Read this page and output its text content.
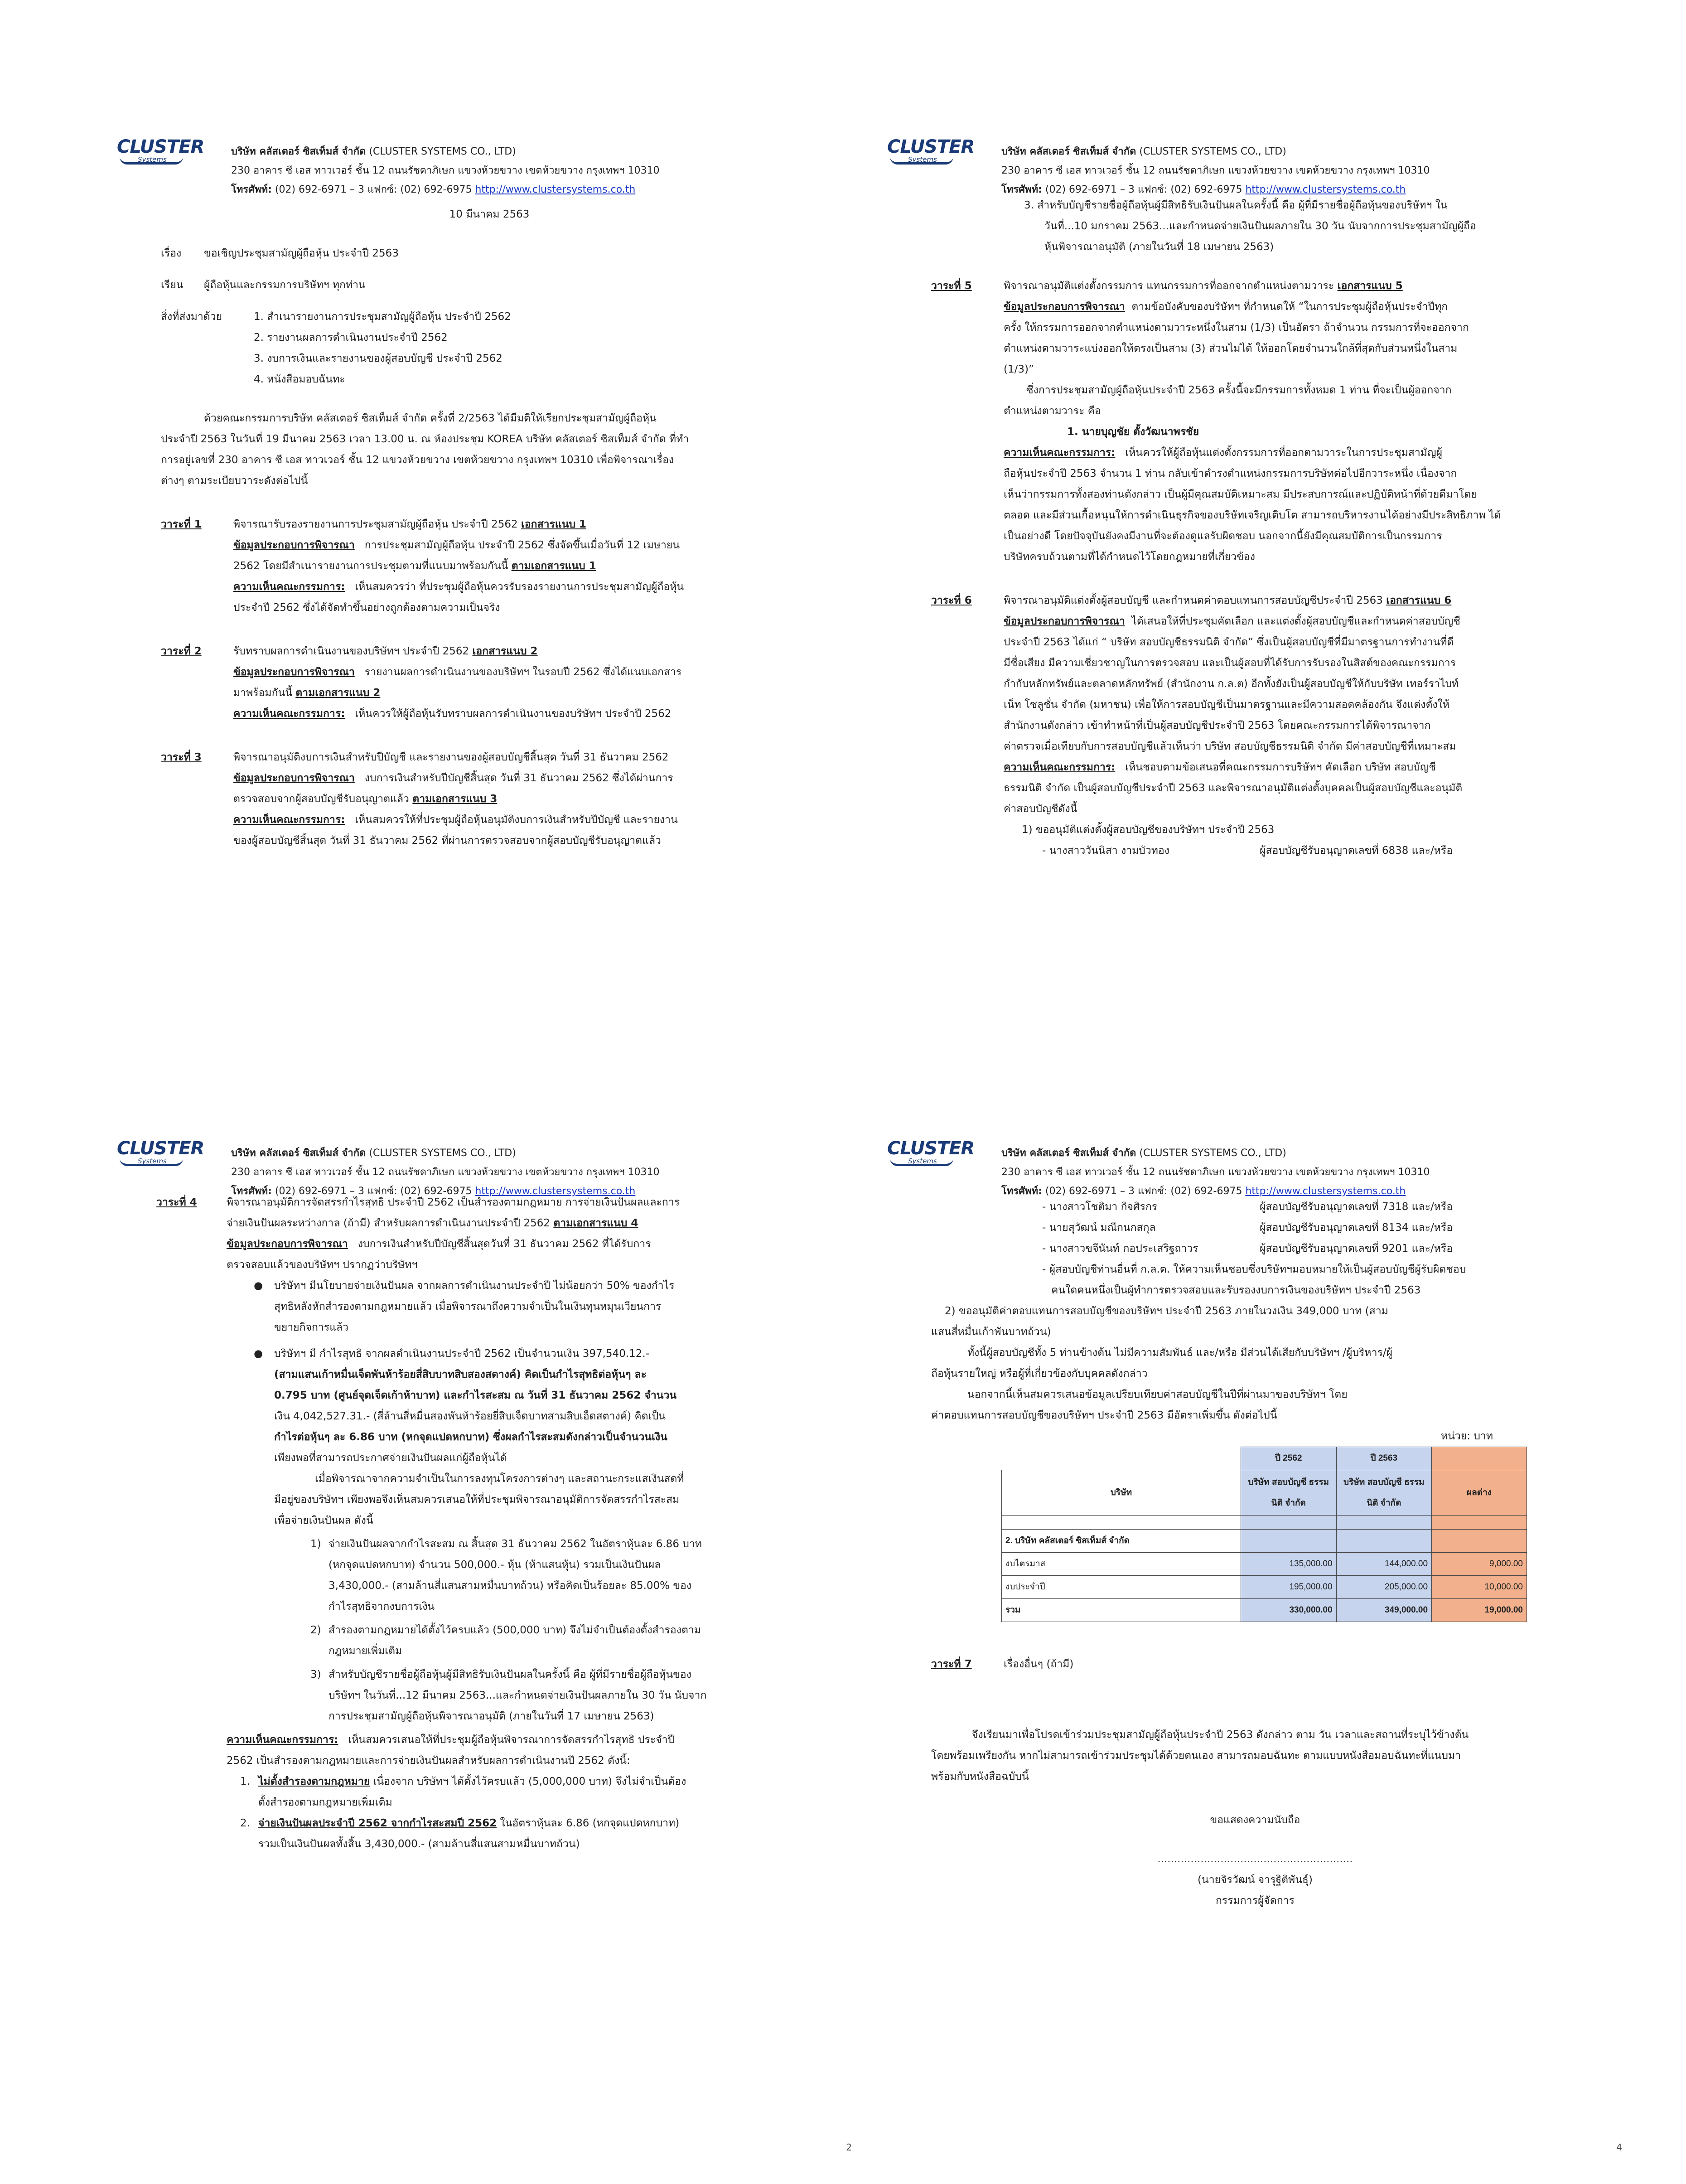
CLUSTER
Systems
บริษัท คลัสเตอร์ ซิสเท็มส์ จำกัด (CLUSTER SYSTEMS CO., LTD)
230 อาคาร ซี เอส ทาวเวอร์ ชั้น 12 ถนนรัชดาภิเษก แขวงห้วยขวาง เขตห้วยขวาง กรุงเทพฯ 10310
โทรศัพท์: (02) 692-6971 – 3 แฟกซ์: (02) 692-6975 http://www.clustersystems.co.th
10 มีนาคม 2563
เรื่อง	ขอเชิญประชุมสามัญผู้ถือหุ้น ประจำปี 2563
เรียน	ผู้ถือหุ้นและกรรมการบริษัทฯ ทุกท่าน
สิ่งที่ส่งมาด้วย	1. สำเนารายงานการประชุมสามัญผู้ถือหุ้น ประจำปี 2562
2. รายงานผลการดำเนินงานประจำปี 2562
3. งบการเงินและรายงานของผู้สอบบัญชี ประจำปี 2562
4. หนังสือมอบฉันทะ
ด้วยคณะกรรมการบริษัท คลัสเตอร์ ซิสเท็มส์ จำกัด ครั้งที่ 2/2563 ได้มีมติให้เรียกประชุมสามัญผู้ถือหุ้น
ประจำปี 2563 ในวันที่ 19 มีนาคม 2563 เวลา 13.00 น. ณ ห้องประชุม KOREA บริษัท คลัสเตอร์ ซิสเท็มส์ จำกัด ที่ทำ
การอยู่เลขที่ 230 อาคาร ซี เอส ทาวเวอร์ ชั้น 12 แขวงห้วยขวาง เขตห้วยขวาง กรุงเทพฯ 10310 เพื่อพิจารณาเรื่อง
ต่างๆ ตามระเบียบวาระดังต่อไปนี้
วาระที่ 1	พิจารณารับรองรายงานการประชุมสามัญผู้ถือหุ้น ประจำปี 2562 เอกสารแนบ 1
ข้อมูลประกอบการพิจารณา การประชุมสามัญผู้ถือหุ้น ประจำปี 2562 ซึ่งจัดขึ้นเมื่อวันที่ 12 เมษายน
2562 โดยมีสำเนารายงานการประชุมตามที่แนบมาพร้อมกันนี้ ตามเอกสารแนบ 1
ความเห็นคณะกรรมการ: เห็นสมควรว่า ที่ประชุมผู้ถือหุ้นควรรับรองรายงานการประชุมสามัญผู้ถือหุ้น
ประจำปี 2562 ซึ่งได้จัดทำขึ้นอย่างถูกต้องตามความเป็นจริง
วาระที่ 2	รับทราบผลการดำเนินงานของบริษัทฯ ประจำปี 2562 เอกสารแนบ 2
ข้อมูลประกอบการพิจารณา รายงานผลการดำเนินงานของบริษัทฯ ในรอบปี 2562 ซึ่งได้แนบเอกสาร
มาพร้อมกันนี้ ตามเอกสารแนบ 2
ความเห็นคณะกรรมการ: เห็นควรให้ผู้ถือหุ้นรับทราบผลการดำเนินงานของบริษัทฯ ประจำปี 2562
วาระที่ 3	พิจารณาอนุมัติงบการเงินสำหรับปีบัญชี และรายงานของผู้สอบบัญชีสิ้นสุด วันที่ 31 ธันวาคม 2562
ข้อมูลประกอบการพิจารณา งบการเงินสำหรับปีบัญชีสิ้นสุด วันที่ 31 ธันวาคม 2562 ซึ่งได้ผ่านการ
ตรวจสอบจากผู้สอบบัญชีรับอนุญาตแล้ว ตามเอกสารแนบ 3
ความเห็นคณะกรรมการ: เห็นสมควรให้ที่ประชุมผู้ถือหุ้นอนุมัติงบการเงินสำหรับปีบัญชี และรายงาน
ของผู้สอบบัญชีสิ้นสุด วันที่ 31 ธันวาคม 2562 ที่ผ่านการตรวจสอบจากผู้สอบบัญชีรับอนุญาตแล้ว
CLUSTER
Systems
บริษัท คลัสเตอร์ ซิสเท็มส์ จำกัด (CLUSTER SYSTEMS CO., LTD)
230 อาคาร ซี เอส ทาวเวอร์ ชั้น 12 ถนนรัชดาภิเษก แขวงห้วยขวาง เขตห้วยขวาง กรุงเทพฯ 10310
โทรศัพท์: (02) 692-6971 – 3 แฟกซ์: (02) 692-6975 http://www.clustersystems.co.th
3. สำหรับบัญชีรายชื่อผู้ถือหุ้นผู้มีสิทธิรับเงินปันผลในครั้งนี้ คือ ผู้ที่มีรายชื่อผู้ถือหุ้นของบริษัทฯ ใน
วันที่...10 มกราคม 2563...และกำหนดจ่ายเงินปันผลภายใน 30 วัน นับจากการประชุมสามัญผู้ถือ
หุ้นพิจารณาอนุมัติ (ภายในวันที่ 18 เมษายน 2563)
วาระที่ 5	พิจารณาอนุมัติแต่งตั้งกรรมการ แทนกรรมการที่ออกจากตำแหน่งตามวาระ เอกสารแนบ 5
ข้อมูลประกอบการพิจารณา ตามข้อบังคับของบริษัทฯ ที่กำหนดให้ “ในการประชุมผู้ถือหุ้นประจำปีทุก
ครั้ง ให้กรรมการออกจากตำแหน่งตามวาระหนึ่งในสาม (1/3) เป็นอัตรา ถ้าจำนวน กรรมการที่จะออกจาก
ตำแหน่งตามวาระแบ่งออกให้ตรงเป็นสาม (3) ส่วนไม่ได้ ให้ออกโดยจำนวนใกล้ที่สุดกับส่วนหนึ่งในสาม
(1/3)”
ซึ่งการประชุมสามัญผู้ถือหุ้นประจำปี 2563 ครั้งนี้จะมีกรรมการทั้งหมด 1 ท่าน ที่จะเป็นผู้ออกจาก
ตำแหน่งตามวาระ คือ
1. นายบุญชัย ตั้งวัฒนาพรชัย
ความเห็นคณะกรรมการ: เห็นควรให้ผู้ถือหุ้นแต่งตั้งกรรมการที่ออกตามวาระในการประชุมสามัญผู้
ถือหุ้นประจำปี 2563 จำนวน 1 ท่าน กลับเข้าดำรงตำแหน่งกรรมการบริษัทต่อไปอีกวาระหนึ่ง เนื่องจาก
เห็นว่ากรรมการทั้งสองท่านดังกล่าว เป็นผู้มีคุณสมบัติเหมาะสม มีประสบการณ์และปฏิบัติหน้าที่ด้วยดีมาโดย
ตลอด และมีส่วนเกื้อหนุนให้การดำเนินธุรกิจของบริษัทเจริญเติบโต สามารถบริหารงานได้อย่างมีประสิทธิภาพ ได้
เป็นอย่างดี โดยปัจจุบันยังคงมีงานที่จะต้องดูแลรับผิดชอบ นอกจากนี้ยังมีคุณสมบัติการเป็นกรรมการ
บริษัทครบถ้วนตามที่ได้กำหนดไว้โดยกฎหมายที่เกี่ยวข้อง
วาระที่ 6	พิจารณาอนุมัติแต่งตั้งผู้สอบบัญชี และกำหนดค่าตอบแทนการสอบบัญชีประจำปี 2563 เอกสารแนบ 6
ข้อมูลประกอบการพิจารณา ได้เสนอให้ที่ประชุมคัดเลือก และแต่งตั้งผู้สอบบัญชีและกำหนดค่าสอบบัญชี
ประจำปี 2563 ได้แก่ “ บริษัท สอบบัญชีธรรมนิติ จำกัด” ซึ่งเป็นผู้สอบบัญชีที่มีมาตรฐานการทำงานที่ดี
มีชื่อเสียง มีความเชี่ยวชาญในการตรวจสอบ และเป็นผู้สอบที่ได้รับการรับรองในสิสต์ของคณะกรรมการ
กำกับหลักทรัพย์และตลาดหลักทรัพย์ (สำนักงาน ก.ล.ต) อีกทั้งยังเป็นผู้สอบบัญชีให้กับบริษัท เทอร์ราไบท์
เน็ท โซลูชั่น จำกัด (มหาชน) เพื่อให้การสอบบัญชีเป็นมาตรฐานและมีความสอดคล้องกัน จึงแต่งตั้งให้
สำนักงานดังกล่าว เข้าทำหน้าที่เป็นผู้สอบบัญชีประจำปี 2563 โดยคณะกรรมการได้พิจารณาจาก
ค่าตรวจเมื่อเทียบกับการสอบบัญชีแล้วเห็นว่า บริษัท สอบบัญชีธรรมนิติ จำกัด มีค่าสอบบัญชีที่เหมาะสม
ความเห็นคณะกรรมการ: เห็นชอบตามข้อเสนอที่คณะกรรมการบริษัทฯ คัดเลือก บริษัท สอบบัญชี
ธรรมนิติ จำกัด เป็นผู้สอบบัญชีประจำปี 2563 และพิจารณาอนุมัติแต่งตั้งบุคคลเป็นผู้สอบบัญชีและอนุมัติ
ค่าสอบบัญชีดังนี้
1) ขออนุมัติแต่งตั้งผู้สอบบัญชีของบริษัทฯ ประจำปี 2563
- นางสาววันนิสา งามบัวทอง	ผู้สอบบัญชีรับอนุญาตเลขที่ 6838 และ/หรือ
CLUSTER
Systems
บริษัท คลัสเตอร์ ซิสเท็มส์ จำกัด (CLUSTER SYSTEMS CO., LTD)
230 อาคาร ซี เอส ทาวเวอร์ ชั้น 12 ถนนรัชดาภิเษก แขวงห้วยขวาง เขตห้วยขวาง กรุงเทพฯ 10310
โทรศัพท์: (02) 692-6971 – 3 แฟกซ์: (02) 692-6975 http://www.clustersystems.co.th
วาระที่ 4	พิจารณาอนุมัติการจัดสรรกำไรสุทธิ ประจำปี 2562 เป็นสำรองตามกฎหมาย การจ่ายเงินปันผลและการ
จ่ายเงินปันผลระหว่างกาล (ถ้ามี) สำหรับผลการดำเนินงานประจำปี 2562 ตามเอกสารแนบ 4
ข้อมูลประกอบการพิจารณา งบการเงินสำหรับปีบัญชีสิ้นสุดวันที่ 31 ธันวาคม 2562 ที่ได้รับการ
ตรวจสอบแล้วของบริษัทฯ ปรากฏว่าบริษัทฯ
● บริษัทฯ มีนโยบายจ่ายเงินปันผล จากผลการดำเนินงานประจำปี ไม่น้อยกว่า 50% ของกำไร
สุทธิหลังหักสำรองตามกฎหมายแล้ว เมื่อพิจารณาถึงความจำเป็นในเงินทุนหมุนเวียนการ
ขยายกิจการแล้ว
● บริษัทฯ มี กำไรสุทธิ จากผลดำเนินงานประจำปี 2562 เป็นจำนวนเงิน 397,540.12.-
(สามแสนเก้าหมื่นเจ็ดพันห้าร้อยสี่สิบบาทสิบสองสตางค์) คิดเป็นกำไรสุทธิต่อหุ้นๆ ละ
0.795 บาท (ศูนย์จุดเจ็ดเก้าห้าบาท) และกำไรสะสม ณ วันที่ 31 ธันวาคม 2562 จำนวน
เงิน 4,042,527.31.- (สี่ล้านสี่หมื่นสองพันห้าร้อยยี่สิบเจ็ดบาทสามสิบเอ็ดสตางค์) คิดเป็น
กำไรต่อหุ้นๆ ละ 6.86 บาท (หกจุดแปดหกบาท) ซึ่งผลกำไรสะสมดังกล่าวเป็นจำนวนเงิน
เพียงพอที่สามารถประกาศจ่ายเงินปันผลแก่ผู้ถือหุ้นได้
เมื่อพิจารณาจากความจำเป็นในการลงทุนโครงการต่างๆ และสถานะกระแสเงินสดที่
มีอยู่ของบริษัทฯ เพียงพอจึงเห็นสมควรเสนอให้ที่ประชุมพิจารณาอนุมัติการจัดสรรกำไรสะสม
เพื่อจ่ายเงินปันผล ดังนี้
1) จ่ายเงินปันผลจากกำไรสะสม ณ สิ้นสุด 31 ธันวาคม 2562 ในอัตราหุ้นละ 6.86 บาท
(หกจุดแปดหกบาท) จำนวน 500,000.- หุ้น (ห้าแสนหุ้น) รวมเป็นเงินปันผล
3,430,000.- (สามล้านสี่แสนสามหมื่นบาทถ้วน) หรือคิดเป็นร้อยละ 85.00% ของ
กำไรสุทธิจากงบการเงิน
2) สำรองตามกฎหมายได้ตั้งไว้ครบแล้ว (500,000 บาท) จึงไม่จำเป็นต้องตั้งสำรองตาม
กฎหมายเพิ่มเติม
3) สำหรับบัญชีรายชื่อผู้ถือหุ้นผู้มีสิทธิรับเงินปันผลในครั้งนี้ คือ ผู้ที่มีรายชื่อผู้ถือหุ้นของ
บริษัทฯ ในวันที่...12 มีนาคม 2563...และกำหนดจ่ายเงินปันผลภายใน 30 วัน นับจาก
การประชุมสามัญผู้ถือหุ้นพิจารณาอนุมัติ (ภายในวันที่ 17 เมษายน 2563)
ความเห็นคณะกรรมการ: เห็นสมควรเสนอให้ที่ประชุมผู้ถือหุ้นพิจารณาการจัดสรรกำไรสุทธิ ประจำปี
2562 เป็นสำรองตามกฎหมายและการจ่ายเงินปันผลสำหรับผลการดำเนินงานปี 2562 ดังนี้:
1. ไม่ตั้งสำรองตามกฎหมาย เนื่องจาก บริษัทฯ ได้ตั้งไว้ครบแล้ว (5,000,000 บาท) จึงไม่จำเป็นต้อง
ตั้งสำรองตามกฎหมายเพิ่มเติม
2. จ่ายเงินปันผลประจำปี 2562 จากกำไรสะสมปี 2562 ในอัตราหุ้นละ 6.86 (หกจุดแปดหกบาท)
รวมเป็นเงินปันผลทั้งสิ้น 3,430,000.- (สามล้านสี่แสนสามหมื่นบาทถ้วน)
2
CLUSTER
Systems
บริษัท คลัสเตอร์ ซิสเท็มส์ จำกัด (CLUSTER SYSTEMS CO., LTD)
230 อาคาร ซี เอส ทาวเวอร์ ชั้น 12 ถนนรัชดาภิเษก แขวงห้วยขวาง เขตห้วยขวาง กรุงเทพฯ 10310
โทรศัพท์: (02) 692-6971 – 3 แฟกซ์: (02) 692-6975 http://www.clustersystems.co.th
- นางสาวโชติมา กิจศิรกร	ผู้สอบบัญชีรับอนุญาตเลขที่ 7318 และ/หรือ
- นายสุวัฒน์ มณีกนกสกุล	ผู้สอบบัญชีรับอนุญาตเลขที่ 8134 และ/หรือ
- นางสาวขจีนันท์ กอประเสริฐถาวร	ผู้สอบบัญชีรับอนุญาตเลขที่ 9201 และ/หรือ
- ผู้สอบบัญชีท่านอื่นที่ ก.ล.ต. ให้ความเห็นชอบซึ่งบริษัทฯมอบหมายให้เป็นผู้สอบบัญชีผู้รับผิดชอบ
คนใดคนหนึ่งเป็นผู้ทำการตรวจสอบและรับรองงบการเงินของบริษัทฯ ประจำปี 2563
2) ขออนุมัติค่าตอบแทนการสอบบัญชีของบริษัทฯ ประจำปี 2563 ภายในวงเงิน 349,000 บาท (สาม
แสนสี่หมื่นเก้าพันบาทถ้วน)
ทั้งนี้ผู้สอบบัญชีทั้ง 5 ท่านข้างต้น ไม่มีความสัมพันธ์ และ/หรือ มีส่วนได้เสียกับบริษัทฯ /ผู้บริหาร/ผู้
ถือหุ้นรายใหญ่ หรือผู้ที่เกี่ยวข้องกับบุคคลดังกล่าว
นอกจากนี้เห็นสมควรเสนอข้อมูลเปรียบเทียบค่าสอบบัญชีในปีที่ผ่านมาของบริษัทฯ โดย
ค่าตอบแทนการสอบบัญชีของบริษัทฯ ประจำปี 2563 มีอัตราเพิ่มขึ้น ดังต่อไปนี้
หน่วย: บาท
	ปี 2562	ปี 2563	
บริษัท	บริษัท สอบบัญชี ธรรมนิติ จำกัด	บริษัท สอบบัญชี ธรรมนิติ จำกัด	ผลต่าง

2. บริษัท คลัสเตอร์ ซิสเท็มส์ จำกัด			
งบไตรมาส	135,000.00	144,000.00	9,000.00
งบประจำปี	195,000.00	205,000.00	10,000.00
รวม	330,000.00	349,000.00	19,000.00
วาระที่ 7	เรื่องอื่นๆ (ถ้ามี)
จึงเรียนมาเพื่อโปรดเข้าร่วมประชุมสามัญผู้ถือหุ้นประจำปี 2563 ดังกล่าว ตาม วัน เวลาและสถานที่ระบุไว้ข้างต้น
โดยพร้อมเพรียงกัน หากไม่สามารถเข้าร่วมประชุมได้ด้วยตนเอง สามารถมอบฉันทะ ตามแบบหนังสือมอบฉันทะที่แนบมา
พร้อมกับหนังสือฉบับนี้
ขอแสดงความนับถือ
...........................................................
(นายจิรวัฒน์ จารุฐิติพันธุ์)
กรรมการผู้จัดการ
4
